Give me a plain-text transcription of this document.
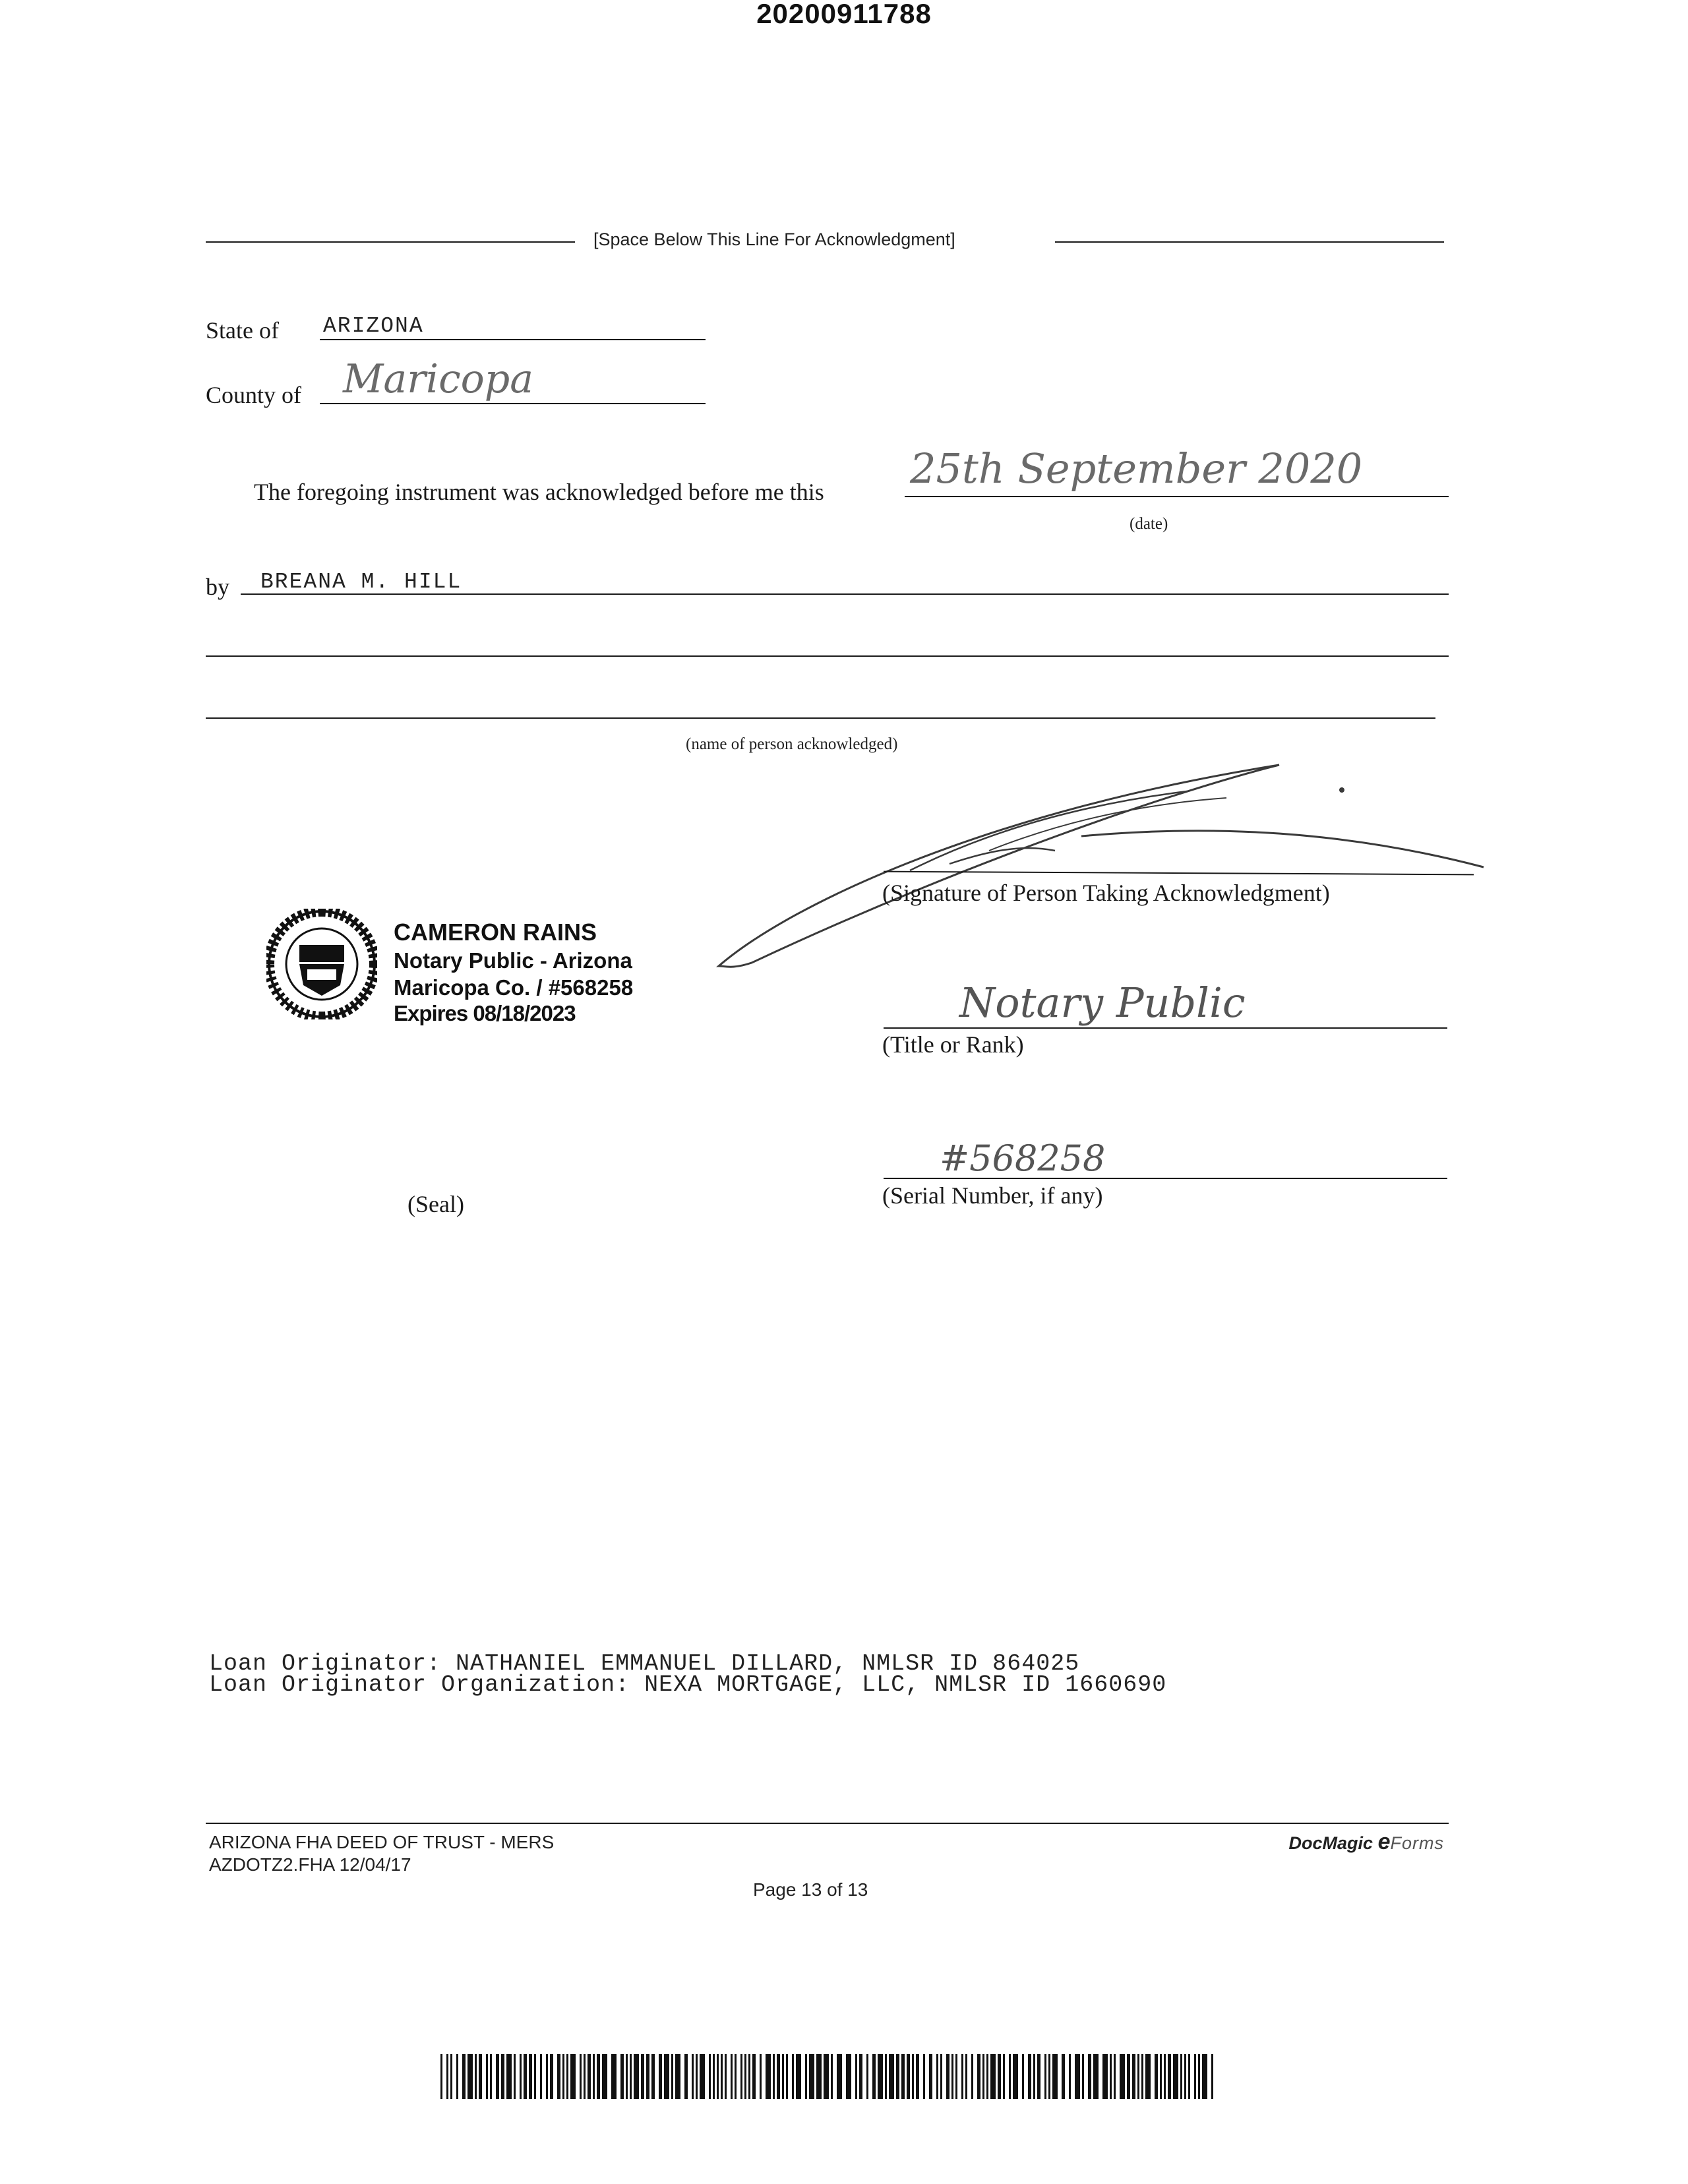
20200911788
[Space Below This Line For Acknowledgment]
State of ARIZONA
County of Maricopa
The foregoing instrument was acknowledged before me this 25th September 2020
(date)
by BREANA M. HILL
(name of person acknowledged)
(Signature of Person Taking Acknowledgment)
CAMERON RAINS
Notary Public - Arizona
Maricopa Co. / #568258
Expires 08/18/2023	Notary Public
(Title or Rank)
#568258
(Serial Number, if any)
(Seal)
Loan Originator: NATHANIEL EMMANUEL DILLARD, NMLSR ID 864025
Loan Originator Organization: NEXA MORTGAGE, LLC, NMLSR ID 1660690
ARIZONA FHA DEED OF TRUST - MERS
AZDOTZ2.FHA 12/04/17
Page 13 of 13
DocMagic eForms
